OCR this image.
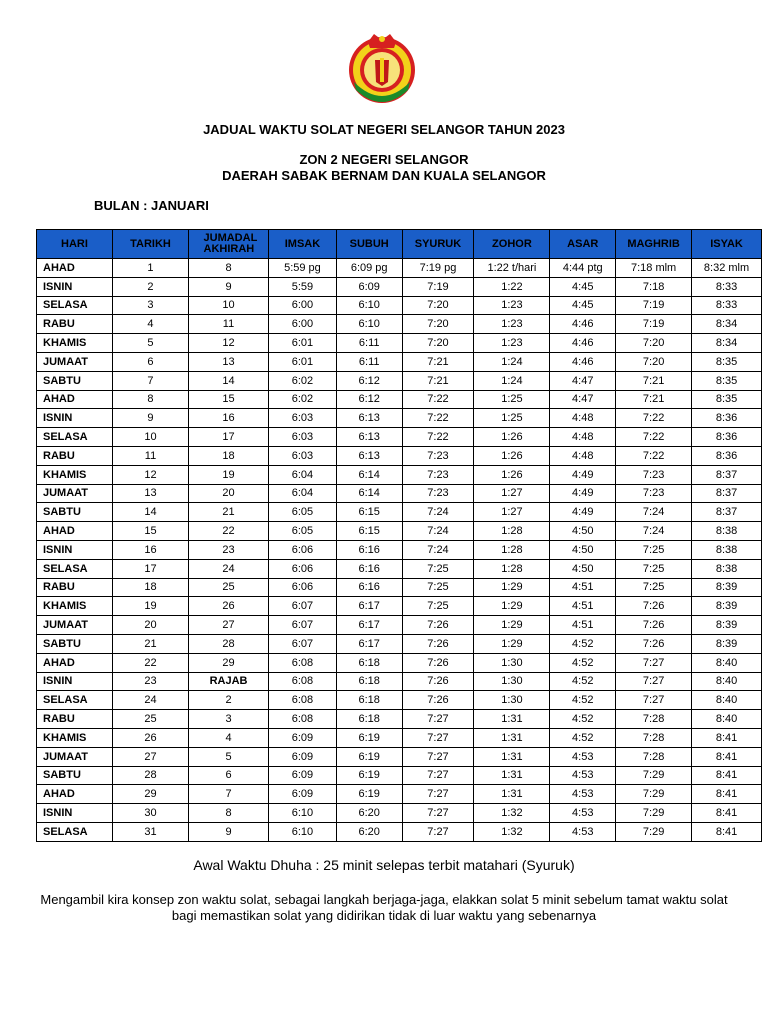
JADUAL WAKTU SOLAT NEGERI SELANGOR TAHUN 2023
ZON 2 NEGERI SELANGOR
DAERAH SABAK BERNAM DAN KUALA SELANGOR
BULAN : JANUARI
HARI	TARIKH	JUMADAL AKHIRAH	IMSAK	SUBUH	SYURUK	ZOHOR	ASAR	MAGHRIB	ISYAK
AHAD	1	8	5:59 pg	6:09 pg	7:19 pg	1:22 t/hari	4:44 ptg	7:18 mlm	8:32 mlm
ISNIN	2	9	5:59	6:09	7:19	1:22	4:45	7:18	8:33
SELASA	3	10	6:00	6:10	7:20	1:23	4:45	7:19	8:33
RABU	4	11	6:00	6:10	7:20	1:23	4:46	7:19	8:34
KHAMIS	5	12	6:01	6:11	7:20	1:23	4:46	7:20	8:34
JUMAAT	6	13	6:01	6:11	7:21	1:24	4:46	7:20	8:35
SABTU	7	14	6:02	6:12	7:21	1:24	4:47	7:21	8:35
AHAD	8	15	6:02	6:12	7:22	1:25	4:47	7:21	8:35
ISNIN	9	16	6:03	6:13	7:22	1:25	4:48	7:22	8:36
SELASA	10	17	6:03	6:13	7:22	1:26	4:48	7:22	8:36
RABU	11	18	6:03	6:13	7:23	1:26	4:48	7:22	8:36
KHAMIS	12	19	6:04	6:14	7:23	1:26	4:49	7:23	8:37
JUMAAT	13	20	6:04	6:14	7:23	1:27	4:49	7:23	8:37
SABTU	14	21	6:05	6:15	7:24	1:27	4:49	7:24	8:37
AHAD	15	22	6:05	6:15	7:24	1:28	4:50	7:24	8:38
ISNIN	16	23	6:06	6:16	7:24	1:28	4:50	7:25	8:38
SELASA	17	24	6:06	6:16	7:25	1:28	4:50	7:25	8:38
RABU	18	25	6:06	6:16	7:25	1:29	4:51	7:25	8:39
KHAMIS	19	26	6:07	6:17	7:25	1:29	4:51	7:26	8:39
JUMAAT	20	27	6:07	6:17	7:26	1:29	4:51	7:26	8:39
SABTU	21	28	6:07	6:17	7:26	1:29	4:52	7:26	8:39
AHAD	22	29	6:08	6:18	7:26	1:30	4:52	7:27	8:40
ISNIN	23	RAJAB	6:08	6:18	7:26	1:30	4:52	7:27	8:40
SELASA	24	2	6:08	6:18	7:26	1:30	4:52	7:27	8:40
RABU	25	3	6:08	6:18	7:27	1:31	4:52	7:28	8:40
KHAMIS	26	4	6:09	6:19	7:27	1:31	4:52	7:28	8:41
JUMAAT	27	5	6:09	6:19	7:27	1:31	4:53	7:28	8:41
SABTU	28	6	6:09	6:19	7:27	1:31	4:53	7:29	8:41
AHAD	29	7	6:09	6:19	7:27	1:31	4:53	7:29	8:41
ISNIN	30	8	6:10	6:20	7:27	1:32	4:53	7:29	8:41
SELASA	31	9	6:10	6:20	7:27	1:32	4:53	7:29	8:41
Awal Waktu Dhuha : 25 minit selepas terbit matahari (Syuruk)
Mengambil kira konsep zon waktu solat, sebagai langkah berjaga-jaga, elakkan solat 5 minit sebelum tamat waktu solat bagi memastikan solat yang didirikan tidak di luar waktu yang sebenarnya
